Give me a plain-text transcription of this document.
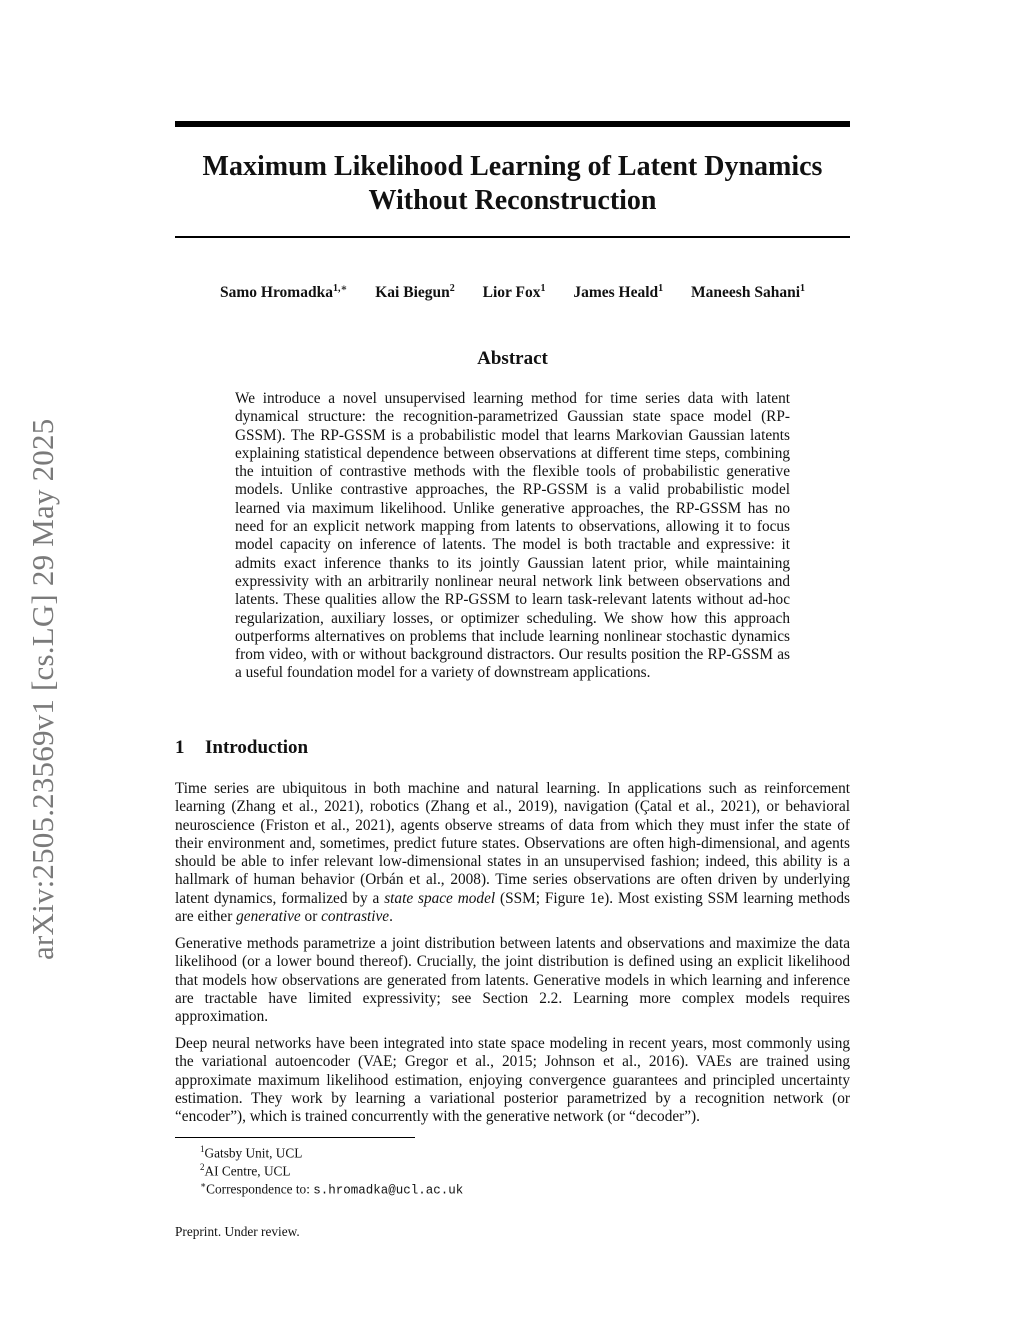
arXiv:2505.23569v1 [cs.LG] 29 May 2025
Maximum Likelihood Learning of Latent Dynamics
Without Reconstruction
Samo Hromadka$^{1,∗}$ Kai Biegun$^2$ Lior Fox$^1$ James Heald$^1$ Maneesh Sahani$^1$
Abstract
We introduce a novel unsupervised learning method for time series data with latent dynamical structure: the recognition-parametrized Gaussian state space model (RP-GSSM). The RP-GSSM is a probabilistic model that learns Markovian Gaussian latents explaining statistical dependence between observations at different time steps, combining the intuition of contrastive methods with the flexible tools of probabilistic generative models. Unlike contrastive approaches, the RP-GSSM is a valid probabilistic model learned via maximum likelihood. Unlike generative approaches, the RP-GSSM has no need for an explicit network mapping from latents to observations, allowing it to focus model capacity on inference of latents. The model is both tractable and expressive: it admits exact inference thanks to its jointly Gaussian latent prior, while maintaining expressivity with an arbitrarily nonlinear neural network link between observations and latents. These qualities allow the RP-GSSM to learn task-relevant latents without ad-hoc regularization, auxiliary losses, or optimizer scheduling. We show how this approach outperforms alternatives on problems that include learning nonlinear stochastic dynamics from video, with or without background distractors. Our results position the RP-GSSM as a useful foundation model for a variety of downstream applications.
1 Introduction
Time series are ubiquitous in both machine and natural learning. In applications such as reinforcement learning (Zhang et al., 2021), robotics (Zhang et al., 2019), navigation (Çatal et al., 2021), or behavioral neuroscience (Friston et al., 2021), agents observe streams of data from which they must infer the state of their environment and, sometimes, predict future states. Observations are often high-dimensional, and agents should be able to infer relevant low-dimensional states in an unsupervised fashion; indeed, this ability is a hallmark of human behavior (Orbán et al., 2008). Time series observations are often driven by underlying latent dynamics, formalized by a state space model (SSM; Figure 1e). Most existing SSM learning methods are either generative or contrastive.
Generative methods parametrize a joint distribution between latents and observations and maximize the data likelihood (or a lower bound thereof). Crucially, the joint distribution is defined using an explicit likelihood that models how observations are generated from latents. Generative models in which learning and inference are tractable have limited expressivity; see Section 2.2. Learning more complex models requires approximation.
Deep neural networks have been integrated into state space modeling in recent years, most commonly using the variational autoencoder (VAE; Gregor et al., 2015; Johnson et al., 2016). VAEs are trained using approximate maximum likelihood estimation, enjoying convergence guarantees and principled uncertainty estimation. They work by learning a variational posterior parametrized by a recognition network (or “encoder”), which is trained concurrently with the generative network (or “decoder”).
$^1$Gatsby Unit, UCL
$^2$AI Centre, UCL
∗Correspondence to: s.hromadka@ucl.ac.uk
Preprint. Under review.
